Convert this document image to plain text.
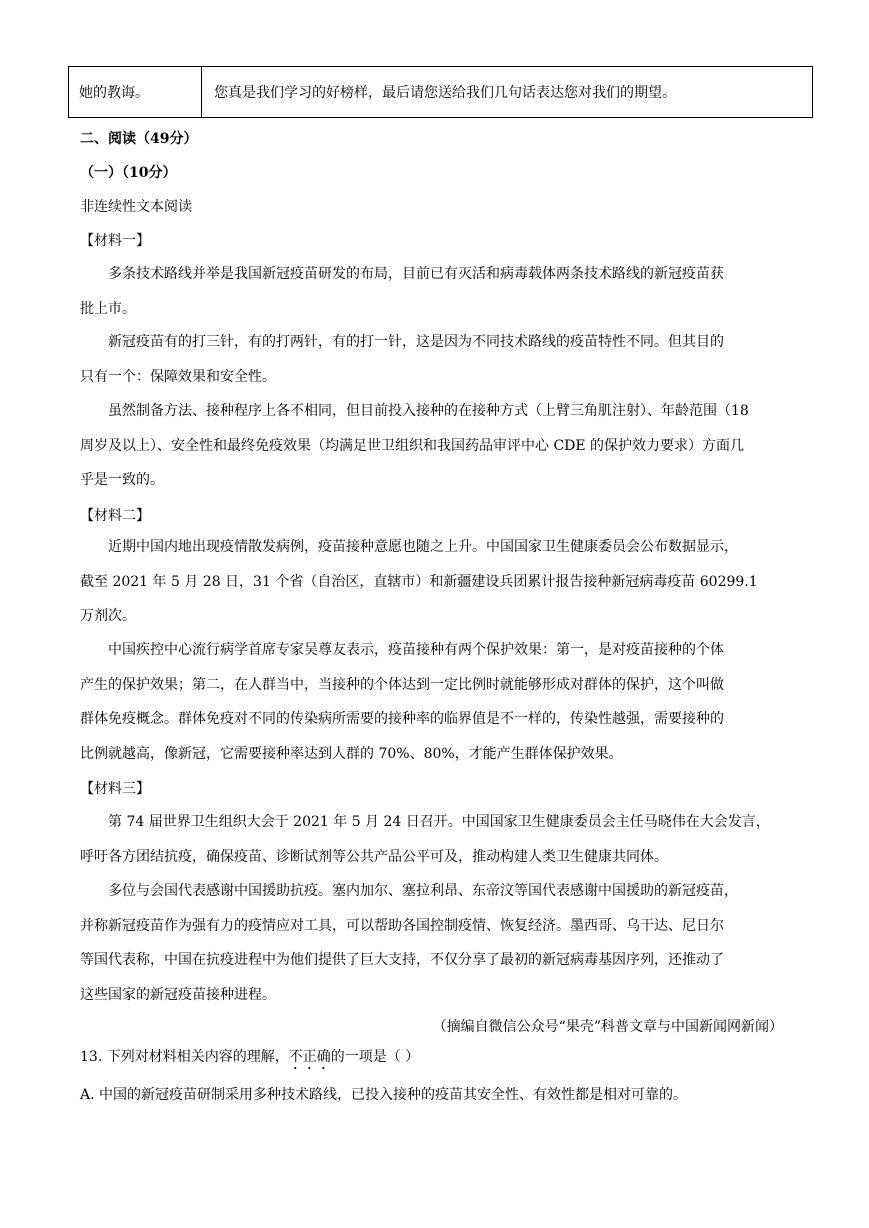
她的教诲。	您真是我们学习的好榜样，最后请您送给我们几句话表达您对我们的期望。
二、阅读（49分）
（一）（10分）
非连续性文本阅读
【材料一】
多条技术路线并举是我国新冠疫苗研发的布局，目前已有灭活和病毒载体两条技术路线的新冠疫苗获
批上市。
新冠疫苗有的打三针，有的打两针，有的打一针，这是因为不同技术路线的疫苗特性不同。但其目的
只有一个：保障效果和安全性。
虽然制备方法、接种程序上各不相同，但目前投入接种的在接种方式（上臂三角肌注射）、年龄范围（18
周岁及以上）、安全性和最终免疫效果（均满足世卫组织和我国药品审评中心 CDE 的保护效力要求）方面几
乎是一致的。
【材料二】
近期中国内地出现疫情散发病例，疫苗接种意愿也随之上升。中国国家卫生健康委员会公布数据显示，
截至 2021 年 5 月 28 日，31 个省（自治区，直辖市）和新疆建设兵团累计报告接种新冠病毒疫苗 60299.1
万剂次。
中国疾控中心流行病学首席专家吴尊友表示，疫苗接种有两个保护效果：第一，是对疫苗接种的个体
产生的保护效果；第二，在人群当中，当接种的个体达到一定比例时就能够形成对群体的保护，这个叫做
群体免疫概念。群体免疫对不同的传染病所需要的接种率的临界值是不一样的，传染性越强，需要接种的
比例就越高，像新冠，它需要接种率达到人群的 70%、80%，才能产生群体保护效果。
【材料三】
第 74 届世界卫生组织大会于 2021 年 5 月 24 日召开。中国国家卫生健康委员会主任马晓伟在大会发言，
呼吁各方团结抗疫，确保疫苗、诊断试剂等公共产品公平可及，推动构建人类卫生健康共同体。
多位与会国代表感谢中国援助抗疫。塞内加尔、塞拉利昂、东帝汶等国代表感谢中国援助的新冠疫苗，
并称新冠疫苗作为强有力的疫情应对工具，可以帮助各国控制疫情、恢复经济。墨西哥、乌干达、尼日尔
等国代表称，中国在抗疫进程中为他们提供了巨大支持，不仅分享了最初的新冠病毒基因序列，还推动了
这些国家的新冠疫苗接种进程。
（摘编自微信公众号“果壳”科普文章与中国新闻网新闻）
13. 下列对材料相关内容的理解，不正确的一项是（ ）
A. 中国的新冠疫苗研制采用多种技术路线，已投入接种的疫苗其安全性、有效性都是相对可靠的。
